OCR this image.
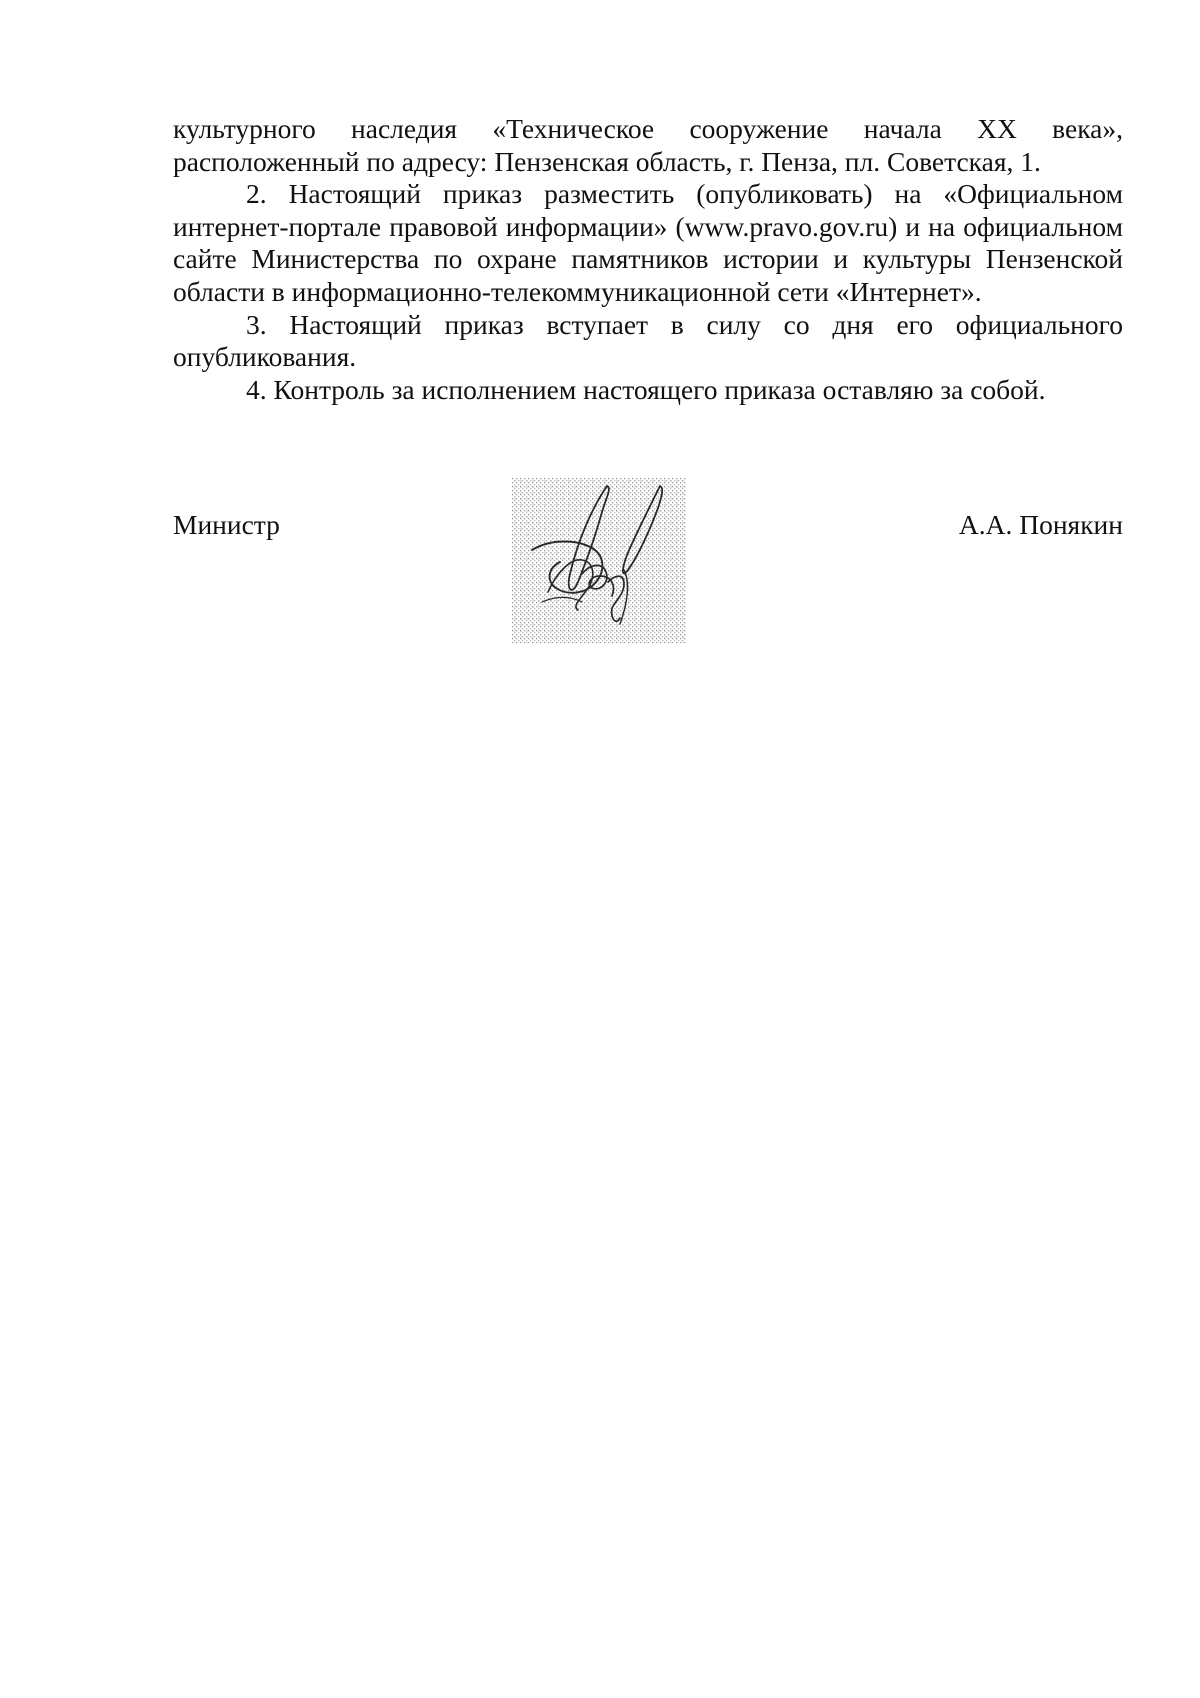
культурного наследия «Техническое сооружение начала XX века», расположенный по адресу: Пензенская область, г. Пенза, пл. Советская, 1.

2. Настоящий приказ разместить (опубликовать) на «Официальном интернет-портале правовой информации» (www.pravo.gov.ru) и на официальном сайте Министерства по охране памятников истории и культуры Пензенской области в информационно-телекоммуникационной сети «Интернет».

3. Настоящий приказ вступает в силу со дня его официального опубликования.

4. Контроль за исполнением настоящего приказа оставляю за собой.

Министр	А.А. Понякин
